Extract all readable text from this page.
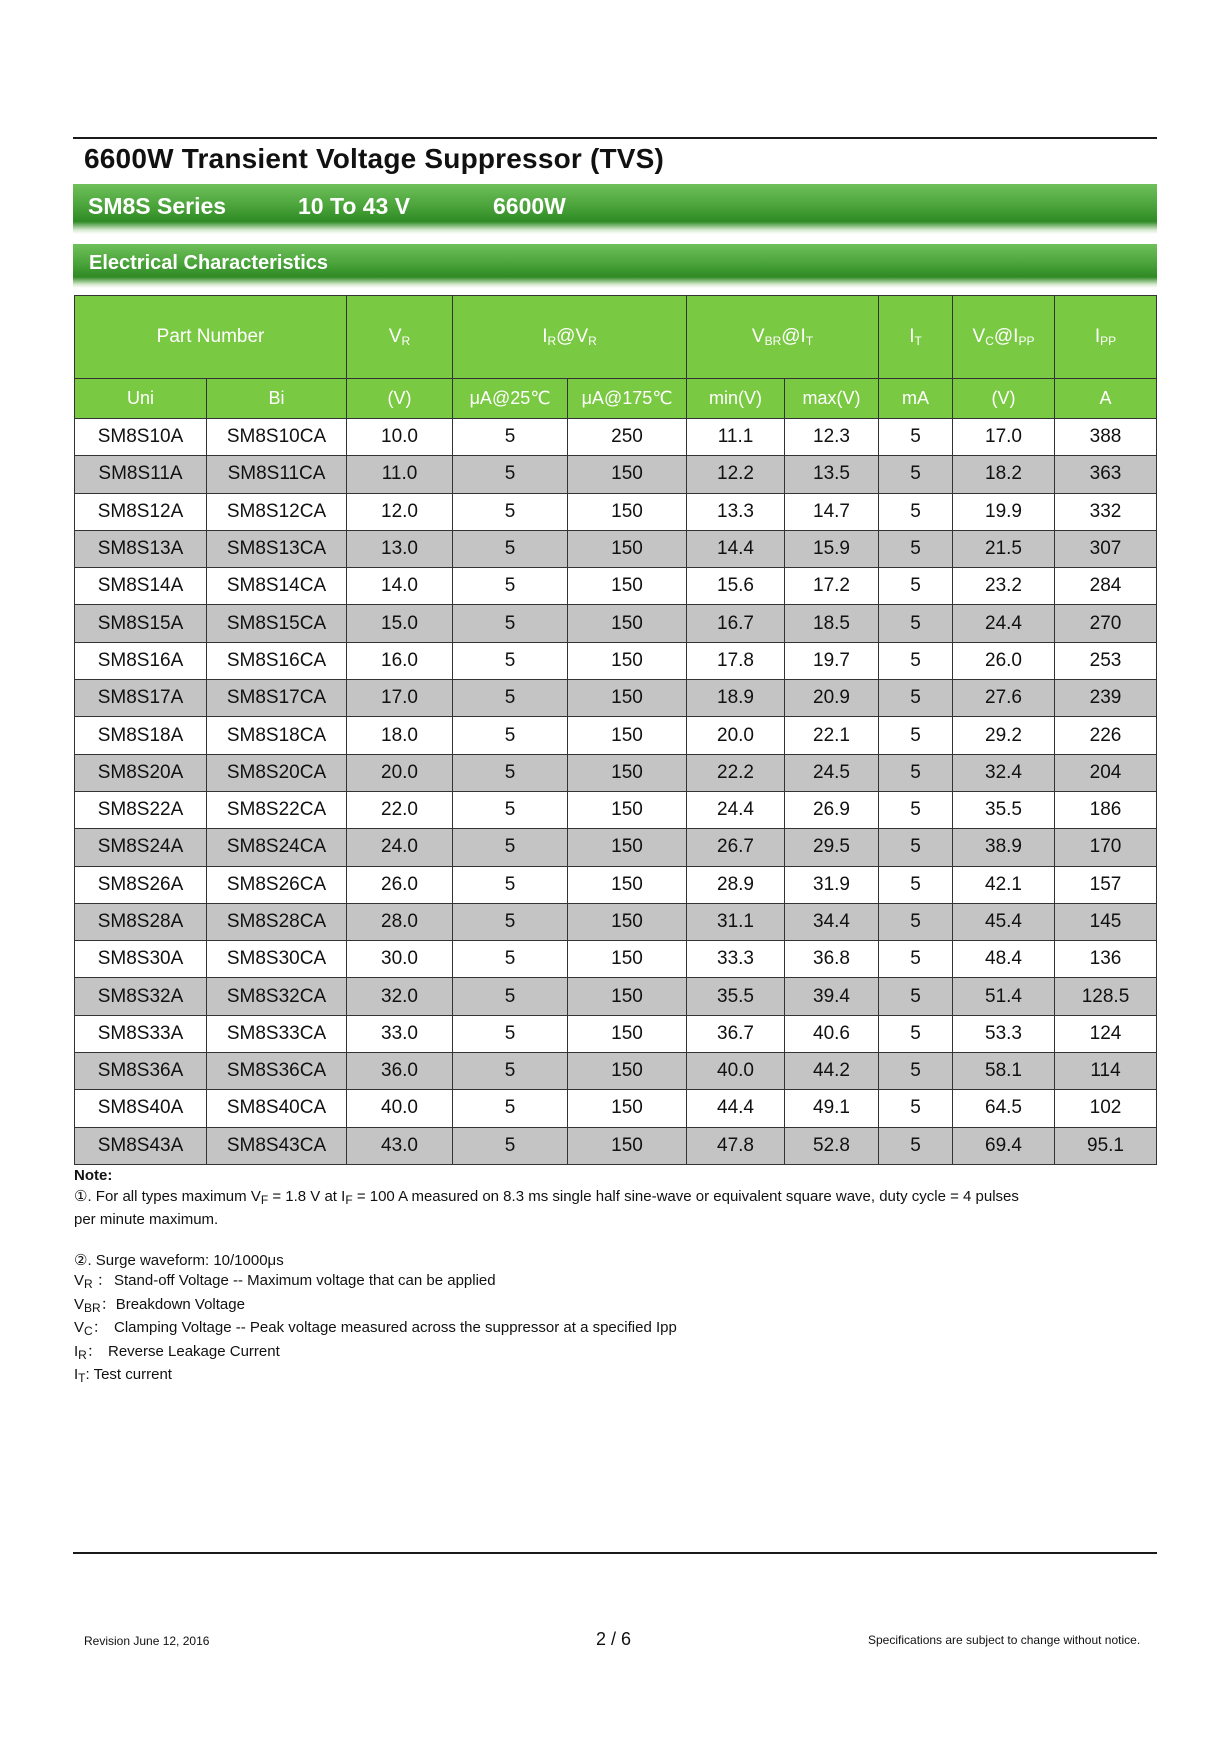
6600W Transient Voltage Suppressor (TVS)
SM8S Series	10 To 43 V	6600W
Electrical Characteristics
Part Number		$V_R$	$I_R@V_R$		$V_{BR}@I_T$		$I_T$	$V_C@I_{PP}$	$I_{PP}$
Uni	Bi	(V)	μA@25℃	μA@175℃	min(V)	max(V)	mA	(V)	A
SM8S10A	SM8S10CA	10.0	5	250	11.1	12.3	5	17.0	388
SM8S11A	SM8S11CA	11.0	5	150	12.2	13.5	5	18.2	363
SM8S12A	SM8S12CA	12.0	5	150	13.3	14.7	5	19.9	332
SM8S13A	SM8S13CA	13.0	5	150	14.4	15.9	5	21.5	307
SM8S14A	SM8S14CA	14.0	5	150	15.6	17.2	5	23.2	284
SM8S15A	SM8S15CA	15.0	5	150	16.7	18.5	5	24.4	270
SM8S16A	SM8S16CA	16.0	5	150	17.8	19.7	5	26.0	253
SM8S17A	SM8S17CA	17.0	5	150	18.9	20.9	5	27.6	239
SM8S18A	SM8S18CA	18.0	5	150	20.0	22.1	5	29.2	226
SM8S20A	SM8S20CA	20.0	5	150	22.2	24.5	5	32.4	204
SM8S22A	SM8S22CA	22.0	5	150	24.4	26.9	5	35.5	186
SM8S24A	SM8S24CA	24.0	5	150	26.7	29.5	5	38.9	170
SM8S26A	SM8S26CA	26.0	5	150	28.9	31.9	5	42.1	157
SM8S28A	SM8S28CA	28.0	5	150	31.1	34.4	5	45.4	145
SM8S30A	SM8S30CA	30.0	5	150	33.3	36.8	5	48.4	136
SM8S32A	SM8S32CA	32.0	5	150	35.5	39.4	5	51.4	128.5
SM8S33A	SM8S33CA	33.0	5	150	36.7	40.6	5	53.3	124
SM8S36A	SM8S36CA	36.0	5	150	40.0	44.2	5	58.1	114
SM8S40A	SM8S40CA	40.0	5	150	44.4	49.1	5	64.5	102
SM8S43A	SM8S43CA	43.0	5	150	47.8	52.8	5	69.4	95.1
Note:
①. For all types maximum $V_F = 1.8$ V at $I_F = 100$ A measured on 8.3 ms single half sine-wave or equivalent square wave, duty cycle = 4 pulses
per minute maximum.
②. Surge waveform: 10/1000μs
$V_R$ ： Stand-off Voltage -- Maximum voltage that can be applied
$V_{BR}$：Breakdown Voltage
$V_C$： Clamping Voltage -- Peak voltage measured across the suppressor at a specified Ipp
$I_R$： Reverse Leakage Current
$I_T$: Test current
Revision June 12, 2016	2 / 6	Specifications are subject to change without notice.
